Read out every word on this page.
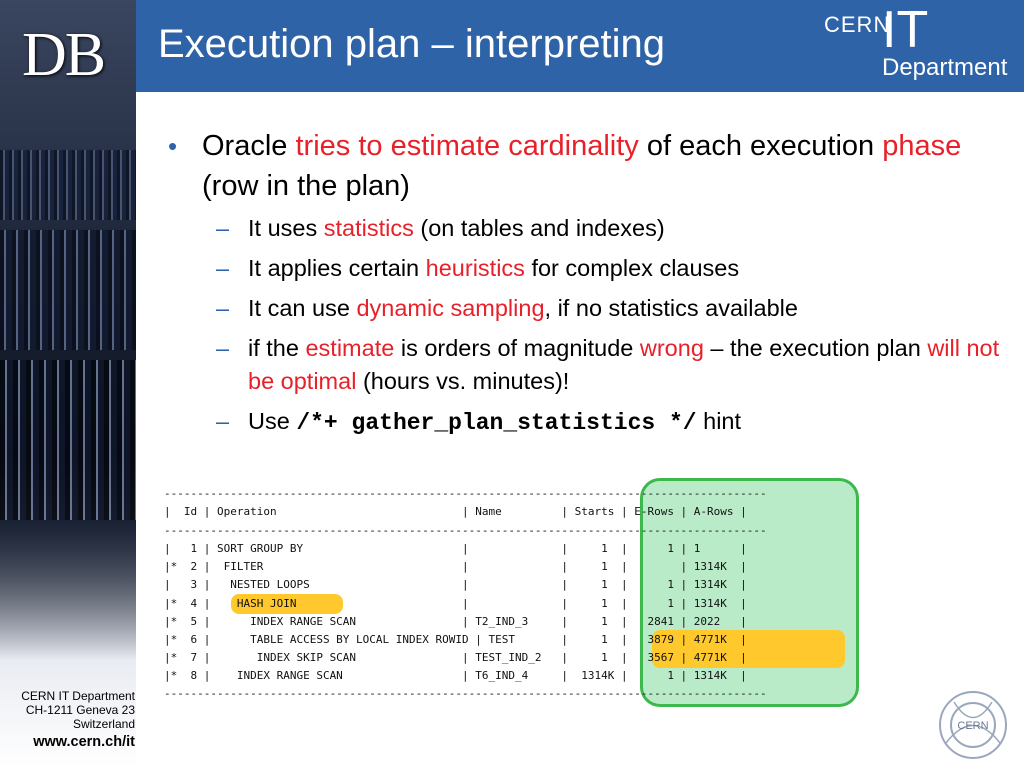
DB Execution plan – interpreting	CERN
IT
Department
• Oracle tries to estimate cardinality of each execution phase (row in the plan)
– It uses statistics (on tables and indexes)
– It applies certain heuristics for complex clauses
– It can use dynamic sampling, if no statistics available
– if the estimate is orders of magnitude wrong – the execution plan will not be optimal (hours vs. minutes)!
– Use /*+ gather_plan_statistics */ hint
-------------------------------------------------------------------------------------------
|  Id | Operation                            | Name         | Starts | E-Rows | A-Rows |
-------------------------------------------------------------------------------------------
|   1 | SORT GROUP BY                        |              |     1  |      1 | 1      |
|*  2 |  FILTER                              |              |     1  |        | 1314K  |
|   3 |   NESTED LOOPS                       |              |     1  |      1 | 1314K  |
|*  4 |    HASH JOIN                         |              |     1  |      1 | 1314K  |
|*  5 |      INDEX RANGE SCAN                | T2_IND_3     |     1  |   2841 | 2022   |
|*  6 |      TABLE ACCESS BY LOCAL INDEX ROWID | TEST       |     1  |   3879 | 4771K  |
|*  7 |       INDEX SKIP SCAN                | TEST_IND_2   |     1  |   3567 | 4771K  |
|*  8 |    INDEX RANGE SCAN                  | T6_IND_4     |  1314K |      1 | 1314K  |
-------------------------------------------------------------------------------------------
CERN IT Department
CH-1211 Geneva 23
Switzerland
www.cern.ch/it
CERN
